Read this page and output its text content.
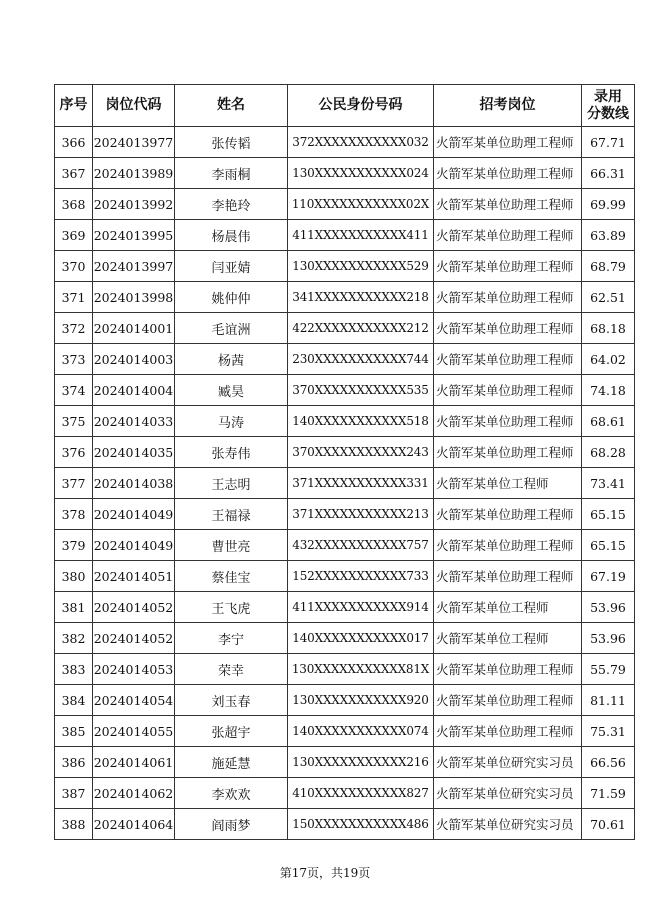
序号	岗位代码	姓名	公民身份号码	招考岗位	录用
分数线
366	2024013977	张传韬	372XXXXXXXXXXX032	火箭军某单位助理工程师	67.71
367	2024013989	李雨桐	130XXXXXXXXXXX024	火箭军某单位助理工程师	66.31
368	2024013992	李艳玲	110XXXXXXXXXXX02X	火箭军某单位助理工程师	69.99
369	2024013995	杨晨伟	411XXXXXXXXXXX411	火箭军某单位助理工程师	63.89
370	2024013997	闫亚婧	130XXXXXXXXXXX529	火箭军某单位助理工程师	68.79
371	2024013998	姚仲仲	341XXXXXXXXXXX218	火箭军某单位助理工程师	62.51
372	2024014001	毛谊洲	422XXXXXXXXXXX212	火箭军某单位助理工程师	68.18
373	2024014003	杨茜	230XXXXXXXXXXX744	火箭军某单位助理工程师	64.02
374	2024014004	臧昊	370XXXXXXXXXXX535	火箭军某单位助理工程师	74.18
375	2024014033	马涛	140XXXXXXXXXXX518	火箭军某单位助理工程师	68.61
376	2024014035	张寿伟	370XXXXXXXXXXX243	火箭军某单位助理工程师	68.28
377	2024014038	王志明	371XXXXXXXXXXX331	火箭军某单位工程师	73.41
378	2024014049	王福禄	371XXXXXXXXXXX213	火箭军某单位助理工程师	65.15
379	2024014049	曹世亮	432XXXXXXXXXXX757	火箭军某单位助理工程师	65.15
380	2024014051	蔡佳宝	152XXXXXXXXXXX733	火箭军某单位助理工程师	67.19
381	2024014052	王飞虎	411XXXXXXXXXXX914	火箭军某单位工程师	53.96
382	2024014052	李宁	140XXXXXXXXXXX017	火箭军某单位工程师	53.96
383	2024014053	荣幸	130XXXXXXXXXXX81X	火箭军某单位助理工程师	55.79
384	2024014054	刘玉春	130XXXXXXXXXXX920	火箭军某单位助理工程师	81.11
385	2024014055	张超宇	140XXXXXXXXXXX074	火箭军某单位助理工程师	75.31
386	2024014061	施延慧	130XXXXXXXXXXX216	火箭军某单位研究实习员	66.56
387	2024014062	李欢欢	410XXXXXXXXXXX827	火箭军某单位研究实习员	71.59
388	2024014064	阎雨梦	150XXXXXXXXXXX486	火箭军某单位研究实习员	70.61
第17页，共19页
